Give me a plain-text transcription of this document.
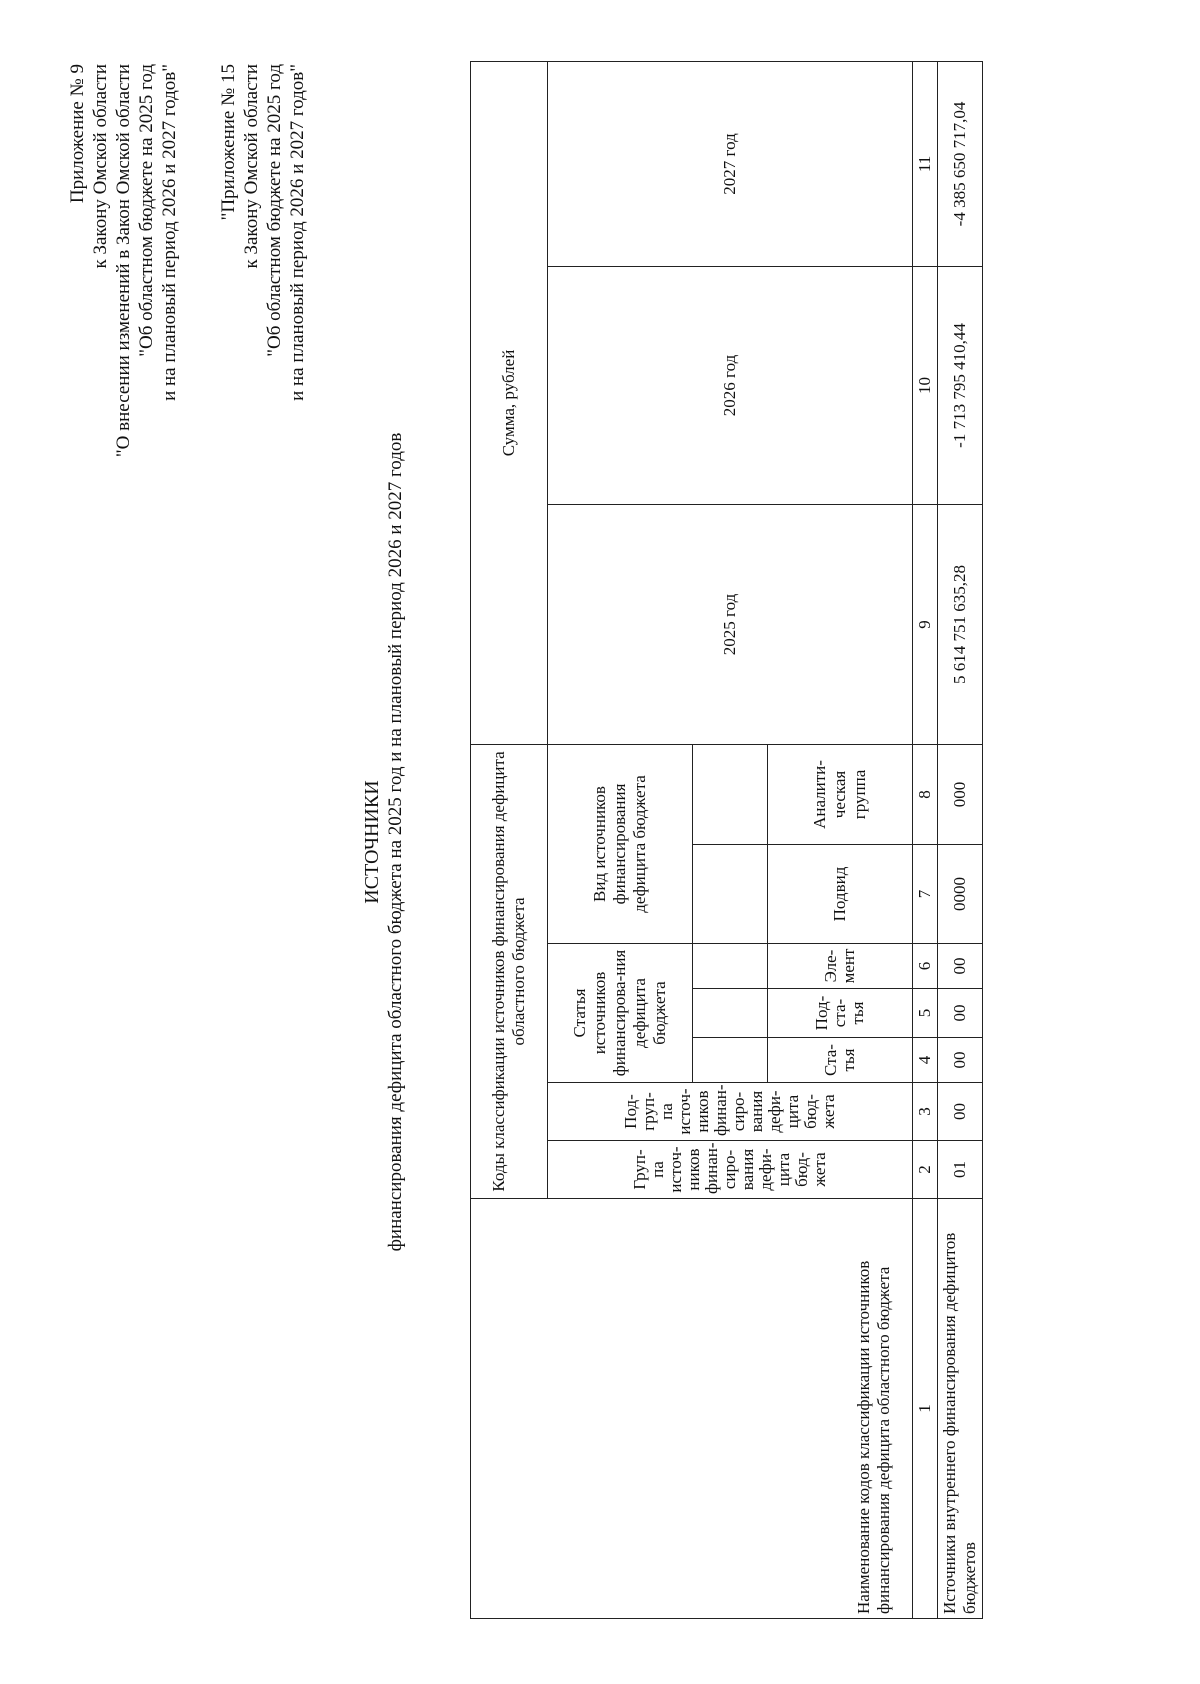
Приложение № 9 к Закону Омской области "О внесении изменений в Закон Омской области "Об областном бюджете на 2025 год и на плановый период 2026 и 2027 годов" "Приложение № 15 к Закону Омской области "Об областном бюджете на 2025 год и на плановый период 2026 и 2027 годов"
ИСТОЧНИКИ финансирования дефицита областного бюджета на 2025 год и на плановый период 2026 и 2027 годов
Наименование кодов классификации источников финансирования дефицита областного бюджета	Коды классификации источников финансирования дефицита областного бюджета							Сумма, рублей		
	Груп-па источ-ников финан-сиро-вания дефи-цита бюд-жета	Под-груп-па источ-ников финан-сиро-вания дефи-цита бюд-жета	Статья источников финансирова-ния дефицита бюджета			Вид источников финансирования дефицита бюджета		2025 год	2026 год	2027 год

			Ста-тья	Под-ста-тья	Эле-мент	Подвид	Аналити-ческая группа			
1	2	3	4	5	6	7	8	9	10	11
Источники внутреннего финансирования дефицитов бюджетов	01	00	00	00	00	0000	000	5 614 751 635,28	-1 713 795 410,44	-4 385 650 717,04
